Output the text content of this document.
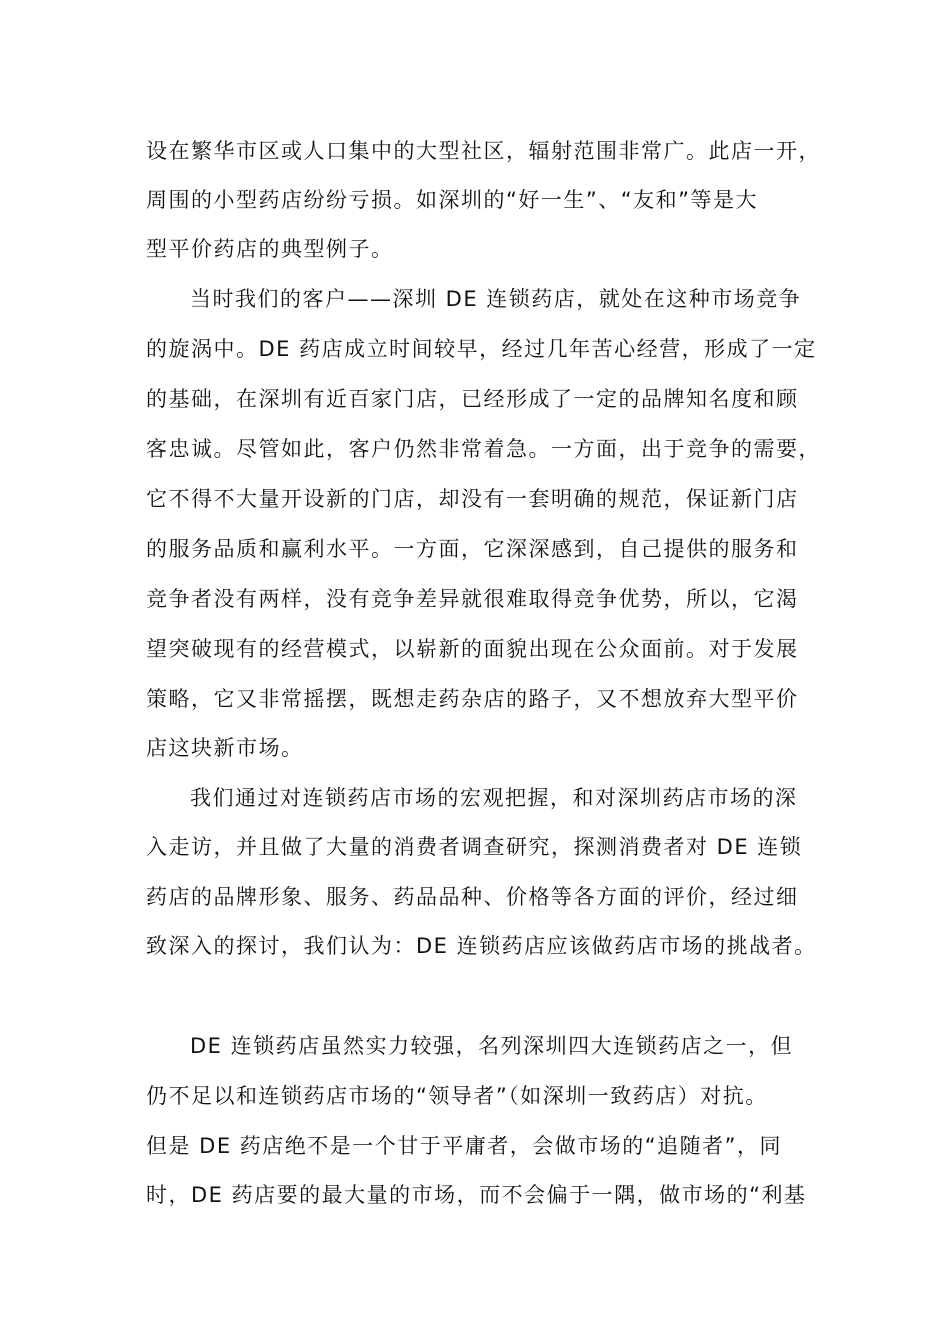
设在繁华市区或人口集中的大型社区，辐射范围非常广。此店一开，
周围的小型药店纷纷亏损。如深圳的“好一生”、“友和”等是大
型平价药店的典型例子。
当时我们的客户——深圳 DE 连锁药店，就处在这种市场竞争
的旋涡中。DE 药店成立时间较早，经过几年苦心经营，形成了一定
的基础，在深圳有近百家门店，已经形成了一定的品牌知名度和顾
客忠诚。尽管如此，客户仍然非常着急。一方面，出于竞争的需要，
它不得不大量开设新的门店，却没有一套明确的规范，保证新门店
的服务品质和赢利水平。一方面，它深深感到，自己提供的服务和
竞争者没有两样，没有竞争差异就很难取得竞争优势，所以，它渴
望突破现有的经营模式，以崭新的面貌出现在公众面前。对于发展
策略，它又非常摇摆，既想走药杂店的路子，又不想放弃大型平价
店这块新市场。
我们通过对连锁药店市场的宏观把握，和对深圳药店市场的深
入走访，并且做了大量的消费者调查研究，探测消费者对 DE 连锁
药店的品牌形象、服务、药品品种、价格等各方面的评价，经过细
致深入的探讨，我们认为：DE 连锁药店应该做药店市场的挑战者。
DE 连锁药店虽然实力较强，名列深圳四大连锁药店之一，但
仍不足以和连锁药店市场的“领导者”（如深圳一致药店）对抗。
但是 DE 药店绝不是一个甘于平庸者，会做市场的“追随者”，同
时，DE 药店要的最大量的市场，而不会偏于一隅，做市场的“利基
